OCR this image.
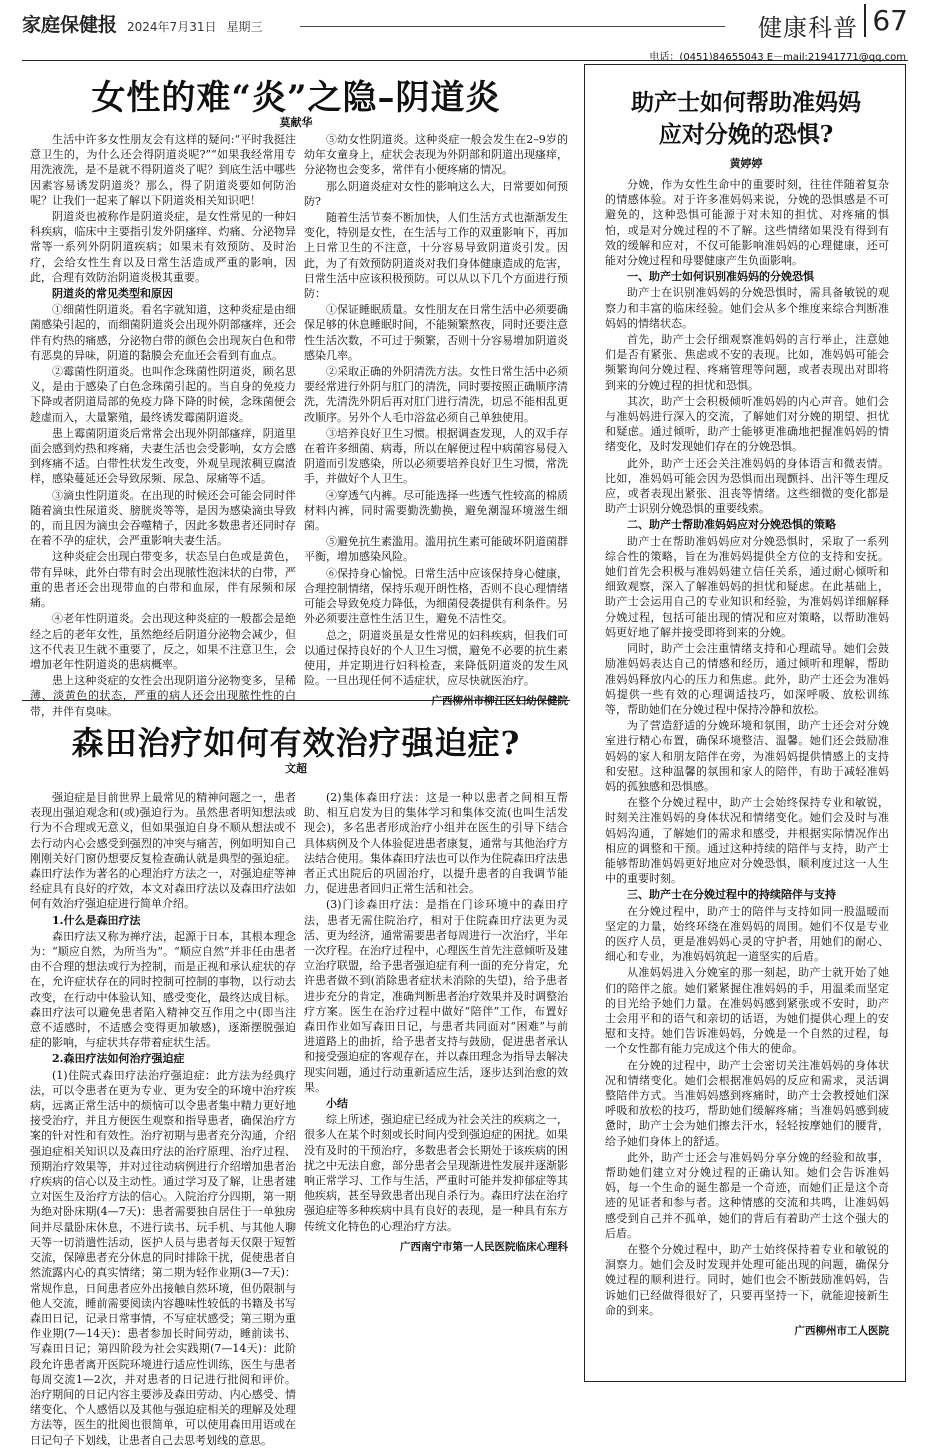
家庭保健报 2024年7月31日 星期三	健康科普 67
电话：(0451)84655043 E－mail:21941771@qq.com
女性的难“炎”之隐–阴道炎
莫献华

生活中许多女性朋友会有这样的疑问:“平时我挺注意卫生的，为什么还会得阴道炎呢?”“如果我经常用专用洗液洗，是不是就不得阴道炎了呢？到底生活中哪些因素容易诱发阴道炎？那么，得了阴道炎要如何防治呢？让我们一起来了解以下阴道炎相关知识吧！

阴道炎也被称作是阴道炎症，是女性常见的一种妇科疾病，临床中主要指引发外阴瘙痒、灼痛、分泌物异常等一系列外阴阴道疾病；如果未有效预防、及时治疗，会给女性生育以及日常生活造成严重的影响，因此，合理有效防治阴道炎极其重要。

阴道炎的常见类型和原因

①细菌性阴道炎。看名字就知道，这种炎症是由细菌感染引起的，而细菌阴道炎会出现外阴部瘙痒，还会伴有灼热的痛感，分泌物白带的颜色会出现灰白色和带有恶臭的异味，阴道的黏膜会充血还会看到有血点。

②霉菌性阴道炎。也叫作念珠菌性阴道炎，顾名思义，是由于感染了白色念珠菌引起的。当自身的免疫力下降或者阴道局部的免疫力降下降的时候，念珠菌便会趁虚而入，大量繁殖，最终诱发霉菌阴道炎。

患上霉菌阴道炎后常常会出现外阴部瘙痒，阴道里面会感到灼热和疼痛，夫妻生活也会受影响，女方会感到疼痛不适。白带性状发生改变，外观呈现浓稠豆腐渣样，感染蔓延还会导致尿频、尿急、尿痛等不适。

③滴虫性阴道炎。在出现的时候还会可能会同时伴随着滴虫性尿道炎、膀胱炎等等，是因为感染滴虫导致的，而且因为滴虫会吞噬精子，因此多数患者还同时存在着不孕的症状，会严重影响夫妻生活。

这种炎症会出现白带变多，状态呈白色或是黄色，带有异味，此外白带有时会出现脓性泡沫状的白带，严重的患者还会出现带血的白带和血尿，伴有尿频和尿痛。

④老年性阴道炎。会出现这种炎症的一般都会是绝经之后的老年女性，虽然绝经后阴道分泌物会减少，但这不代表卫生就不重要了，反之，如果不注意卫生，会增加老年性阴道炎的患病概率。

患上这种炎症的女性会出现阴道分泌物变多，呈稀薄、淡黄色的状态，严重的病人还会出现脓性性的白带，并伴有臭味。

⑤幼女性阴道炎。这种炎症一般会发生在2–9岁的幼年女童身上，症状会表现为外阴部和阴道出现瘙痒，分泌物也会变多，常伴有小便疼痛的情况。

那么阴道炎症对女性的影响这么大，日常要如何预防?

随着生活节奏不断加快，人们生活方式也渐渐发生变化，特别是女性，在生活与工作的双重影响下，再加上日常卫生的不注意，十分容易导致阴道炎引发。因此，为了有效预防阴道炎对我们身体健康造成的危害，日常生活中应该积极预防。可以从以下几个方面进行预防：

①保证睡眠质量。女性朋友在日常生活中必须要确保足够的休息睡眠时间，不能频繁熬夜，同时还要注意性生活次数，不可过于频繁，否则十分容易增加阴道炎感染几率。

②采取正确的外阴清洗方法。女性日常生活中必须要经常进行外阴与肛门的清洗，同时要按照正确顺序清洗，先清洗外阴后再对肛门进行清洗，切忌不能相乱更改顺序。另外个人毛巾浴盆必须自己单独使用。

③培养良好卫生习惯。根据调查发现，人的双手存在着许多细菌、病毒，所以在解便过程中病菌容易侵入阴道而引发感染，所以必须要培养良好卫生习惯，常洗手，并做好个人卫生。

④穿透气内裤。尽可能选择一些透气性较高的棉质材料内裤，同时需要勤洗勤换，避免潮湿环境滋生细菌。

⑤避免抗生素滥用。滥用抗生素可能破坏阴道菌群平衡，增加感染风险。

⑥保持身心愉悦。日常生活中应该保持身心健康，合理控制情绪，保持乐观开朗性格，否则不良心理情绪可能会导致免疫力降低，为细菌侵袭提供有利条件。另外必须要注意性生活卫生，避免不洁性交。

总之，阴道炎虽是女性常见的妇科疾病，但我们可以通过保持良好的个人卫生习惯，避免不必要的抗生素使用，并定期进行妇科检查，来降低阴道炎的发生风险。一旦出现任何不适症状，应尽快就医治疗。

广西柳州市柳江区妇幼保健院

森田治疗如何有效治疗强迫症?
文超

强迫症是目前世界上最常见的精神问题之一，患者表现出强迫观念和(或)强迫行为。虽然患者明知想法或行为不合理或无意义，但如果强迫自身不顺从想法或不去行动内心会感受到强烈的冲突与痛苦，例如明知自己刚刚关好门窗仍想要反复检查确认就是典型的强迫症。森田疗法作为著名的心理治疗方法之一，对强迫症等神经症具有良好的疗效，本文对森田疗法以及森田疗法如何有效治疗强迫症进行简单介绍。

1.什么是森田疗法

森田疗法又称为禅疗法，起源于日本，其根本理念为：“顺应自然，为所当为”。“顺应自然”并非任由患者由不合理的想法或行为控制，而是正视和承认症状的存在，允许症状存在的同时控制可控制的事物，以行动去改变，在行动中体验认知、感受变化，最终达成目标。森田疗法可以避免患者陷入精神交互作用之中(即当注意不适感时，不适感会变得更加敏感)，逐渐摆脱强迫症的影响，与症状共存带着症状生活。

2.森田疗法如何治疗强迫症

(1)住院式森田疗法治疗强迫症：此方法为经典疗法，可以令患者在更为专业、更为安全的环境中治疗疾病，远离正常生活中的烦恼可以令患者集中精力更好地接受治疗，并且方便医生观察和指导患者，确保治疗方案的针对性和有效性。治疗初期与患者充分沟通，介绍强迫症相关知识以及森田疗法的治疗原理、治疗过程、预期治疗效果等，并对过往动病例进行介绍增加患者治疗疾病的信心以及主动性。通过学习及了解，让患者建立对医生及治疗方法的信心。入院治疗分四期，第一期为绝对卧床期(4—7天)：患者需要独自居住于一单独房间并尽量卧床休息，不进行读书、玩手机、与其他人聊天等一切消遣性活动，医护人员与患者每天仅限于短暂交流，保障患者充分休息的同时排除干扰，促使患者自然流露内心的真实情绪；第二期为轻作业期(3—7天)：常规作息，日间患者应外出接触自然环境，但仍限制与他人交流，睡前需要阅读内容趣味性较低的书籍及书写森田日记，记录日常事情，不写症状感受；第三期为重作业期(7—14天)：患者参加长时间劳动，睡前读书、写森田日记；第四阶段为社会实践期(7—14天)：此阶段允许患者离开医院环境进行适应性训练，医生与患者每周交流1—2次，并对患者的日记进行批阅和评价。治疗期间的日记内容主要涉及森田劳动、内心感受、情绪变化、个人感悟以及其他与强迫症相关的理解及处理方法等，医生的批阅也很简单，可以使用森田用语或在日记句子下划线，让患者自己去思考划线的意思。

(2)集体森田疗法：这是一种以患者之间相互帮助、相互启发为目的集体学习和集体交流(也叫生活发现会)，多名患者形成治疗小组并在医生的引导下结合具体病例及个人体验促进患者康复，通常与其他治疗方法结合使用。集体森田疗法也可以作为住院森田疗法患者正式出院后的巩固治疗，以提升患者的自我调节能力，促进患者回归正常生活和社会。

(3)门诊森田疗法：是指在门诊环境中的森田疗法，患者无需住院治疗，相对于住院森田疗法更为灵活、更为经济，通常需要患者每周进行一次治疗，半年一次疗程。在治疗过程中，心理医生首先注意倾听及建立治疗联盟，给予患者强迫症有利一面的充分肯定，允许患者做不到(消除患者症状未消除的失望)，给予患者进步充分的肯定，准确判断患者治疗效果并及时调整治疗方案。医生在治疗过程中做好“陪伴”工作，布置好森田作业如写森田日记，与患者共同面对“困难”与前进道路上的曲折，给予患者支持与鼓励，促进患者承认和接受强迫症的客观存在，并以森田理念为指导去解决现实问题，通过行动重新适应生活，逐步达到治愈的效果。

小结

综上所述，强迫症已经成为社会关注的疾病之一，很多人在某个时刻或长时间内受到强迫症的困扰。如果没有及时的干预治疗，多数患者会长期处于该疾病的困扰之中无法自愈，部分患者会呈现渐进性发展并逐渐影响正常学习、工作与生活，严重时可能并发抑郁症等其他疾病，甚至导致患者出现自杀行为。森田疗法在治疗强迫症等多种疾病中具有良好的表现，是一种具有东方传统文化特色的心理治疗方法。

广西南宁市第一人民医院临床心理科

助产士如何帮助准妈妈
应对分娩的恐惧?
黄婷婷

分娩，作为女性生命中的重要时刻，往往伴随着复杂的情感体验。对于许多准妈妈来说，分娩的恐惧感是不可避免的，这种恐惧可能源于对未知的担忧、对疼痛的惧怕，或是对分娩过程的不了解。这些情绪如果没有得到有效的缓解和应对，不仅可能影响准妈妈的心理健康，还可能对分娩过程和母婴健康产生负面影响。

一、助产士如何识别准妈妈的分娩恐惧

助产士在识别准妈妈的分娩恐惧时，需具备敏锐的观察力和丰富的临床经验。她们会从多个维度来综合判断准妈妈的情绪状态。

首先，助产士会仔细观察准妈妈的言行举止，注意她们是否有紧张、焦虑或不安的表现。比如，准妈妈可能会频繁询问分娩过程、疼痛管理等问题，或者表现出对即将到来的分娩过程的担忧和恐惧。

其次，助产士会积极倾听准妈妈的内心声音。她们会与准妈妈进行深入的交流，了解她们对分娩的期望、担忧和疑虑。通过倾听，助产士能够更准确地把握准妈妈的情绪变化，及时发现她们存在的分娩恐惧。

此外，助产士还会关注准妈妈的身体语言和微表情。比如，准妈妈可能会因为恐惧而出现颤抖、出汗等生理反应，或者表现出紧张、沮丧等情绪。这些细微的变化都是助产士识别分娩恐惧的重要线索。

二、助产士帮助准妈妈应对分娩恐惧的策略

助产士在帮助准妈妈应对分娩恐惧时，采取了一系列综合性的策略，旨在为准妈妈提供全方位的支持和安抚。她们首先会积极与准妈妈建立信任关系，通过耐心倾听和细致观察，深入了解准妈妈的担忧和疑虑。在此基础上，助产士会运用自己的专业知识和经验，为准妈妈详细解释分娩过程，包括可能出现的情况和应对策略，以帮助准妈妈更好地了解并接受即将到来的分娩。

同时，助产士会注重情绪支持和心理疏导。她们会鼓励准妈妈表达自己的情感和经历，通过倾听和理解，帮助准妈妈释放内心的压力和焦虑。此外，助产士还会为准妈妈提供一些有效的心理调适技巧，如深呼吸、放松训练等，帮助她们在分娩过程中保持冷静和放松。

为了营造舒适的分娩环境和氛围，助产士还会对分娩室进行精心布置，确保环境整洁、温馨。她们还会鼓励准妈妈的家人和朋友陪伴在旁，为准妈妈提供情感上的支持和安慰。这种温馨的氛围和家人的陪伴，有助于减轻准妈妈的孤独感和恐惧感。

在整个分娩过程中，助产士会始终保持专业和敏锐，时刻关注准妈妈的身体状况和情绪变化。她们会及时与准妈妈沟通，了解她们的需求和感受，并根据实际情况作出相应的调整和干预。通过这种持续的陪伴与支持，助产士能够帮助准妈妈更好地应对分娩恐惧，顺利度过这一人生中的重要时刻。

三、助产士在分娩过程中的持续陪伴与支持

在分娩过程中，助产士的陪伴与支持如同一股温暖而坚定的力量，始终环绕在准妈妈的周围。她们不仅是专业的医疗人员，更是准妈妈心灵的守护者，用她们的耐心、细心和专业，为准妈妈筑起一道坚实的后盾。

从准妈妈进入分娩室的那一刻起，助产士就开始了她们的陪伴之旅。她们紧紧握住准妈妈的手，用温柔而坚定的目光给予她们力量。在准妈妈感到紧张或不安时，助产士会用平和的语气和亲切的话语，为她们提供心理上的安慰和支持。她们告诉准妈妈，分娩是一个自然的过程，每一个女性都有能力完成这个伟大的使命。

在分娩的过程中，助产士会密切关注准妈妈的身体状况和情绪变化。她们会根据准妈妈的反应和需求，灵活调整陪伴方式。当准妈妈感到疼痛时，助产士会教授她们深呼吸和放松的技巧，帮助她们缓解疼痛；当准妈妈感到疲惫时，助产士会为她们擦去汗水，轻轻按摩她们的腰背，给予她们身体上的舒适。

此外，助产士还会与准妈妈分享分娩的经验和故事，帮助她们建立对分娩过程的正确认知。她们会告诉准妈妈，每一个生命的诞生都是一个奇迹，而她们正是这个奇迹的见证者和参与者。这种情感的交流和共鸣，让准妈妈感受到自己并不孤单，她们的背后有着助产士这个强大的后盾。

在整个分娩过程中，助产士始终保持着专业和敏锐的洞察力。她们会及时发现并处理可能出现的问题，确保分娩过程的顺利进行。同时，她们也会不断鼓励准妈妈，告诉她们已经做得很好了，只要再坚持一下，就能迎接新生命的到来。

广西柳州市工人医院
